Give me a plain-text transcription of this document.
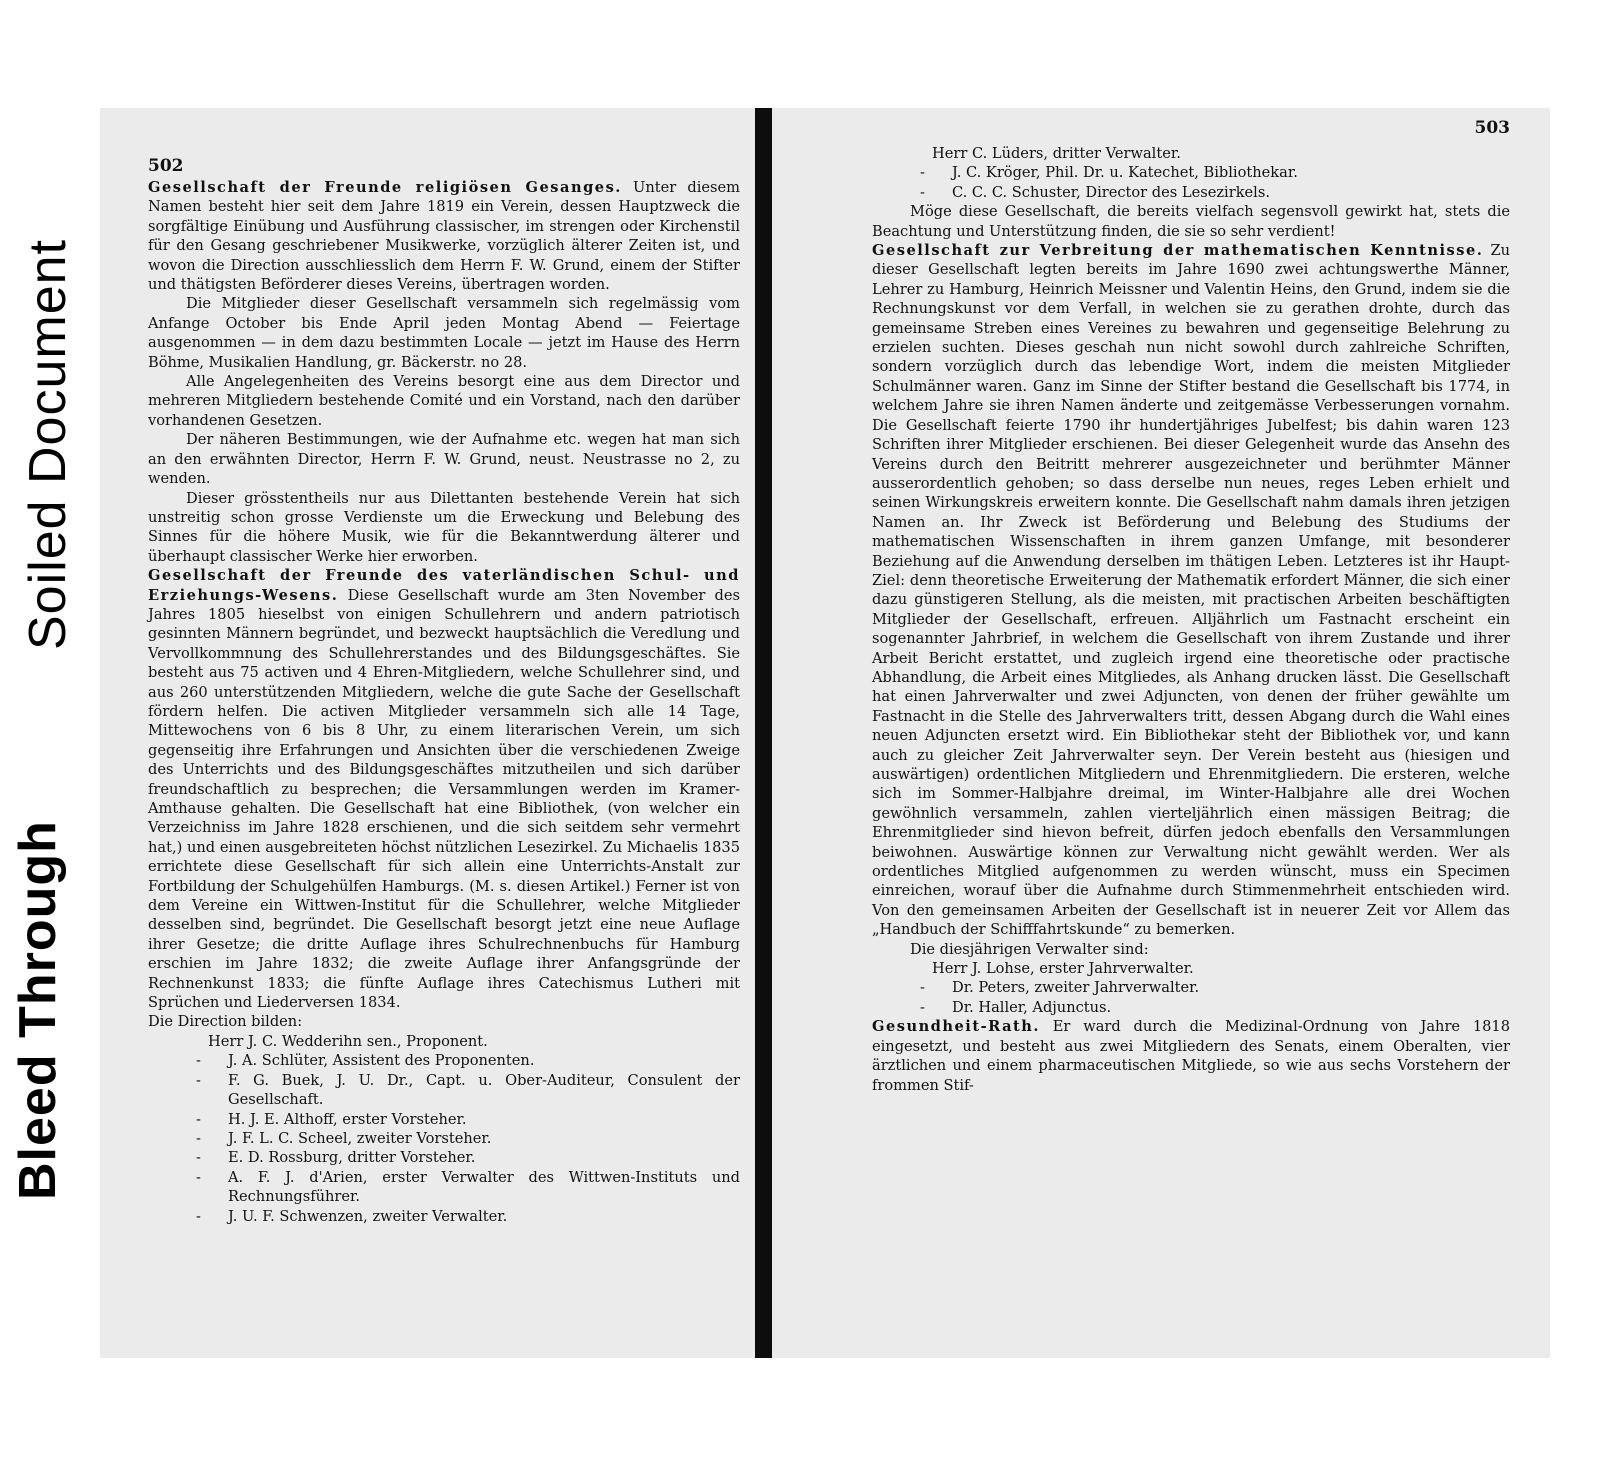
Bleed Through
Soiled Document
502

Gesellschaft der Freunde religiösen Gesanges. Unter diesem Namen besteht hier seit dem Jahre 1819 ein Verein, dessen Hauptzweck die sorgfältige Einübung und Ausführung classischer, im strengen oder Kirchenstil für den Gesang geschriebener Musikwerke, vorzüglich älterer Zeiten ist, und wovon die Direction ausschliesslich dem Herrn F. W. Grund, einem der Stifter und thätigsten Beförderer dieses Vereins, übertragen worden.

Die Mitglieder dieser Gesellschaft versammeln sich regelmässig vom Anfange October bis Ende April jeden Montag Abend — Feiertage ausgenommen — in dem dazu bestimmten Locale — jetzt im Hause des Herrn Böhme, Musikalien Handlung, gr. Bäckerstr. no 28.

Alle Angelegenheiten des Vereins besorgt eine aus dem Director und mehreren Mitgliedern bestehende Comité und ein Vorstand, nach den darüber vorhandenen Gesetzen.

Der näheren Bestimmungen, wie der Aufnahme etc. wegen hat man sich an den erwähnten Director, Herrn F. W. Grund, neust. Neustrasse no 2, zu wenden.

Dieser grösstentheils nur aus Dilettanten bestehende Verein hat sich unstreitig schon grosse Verdienste um die Erweckung und Belebung des Sinnes für die höhere Musik, wie für die Bekanntwerdung älterer und überhaupt classischer Werke hier erworben.

Gesellschaft der Freunde des vaterländischen Schul- und Erziehungs-Wesens. Diese Gesellschaft wurde am 3ten November des Jahres 1805 hieselbst von einigen Schullehrern und andern patriotisch gesinnten Männern begründet, und bezweckt hauptsächlich die Veredlung und Vervollkommnung des Schullehrerstandes und des Bildungsgeschäftes. Sie besteht aus 75 activen und 4 Ehren-Mitgliedern, welche Schullehrer sind, und aus 260 unterstützenden Mitgliedern, welche die gute Sache der Gesellschaft fördern helfen. Die activen Mitglieder versammeln sich alle 14 Tage, Mittewochens von 6 bis 8 Uhr, zu einem literarischen Verein, um sich gegenseitig ihre Erfahrungen und Ansichten über die verschiedenen Zweige des Unterrichts und des Bildungsgeschäftes mitzutheilen und sich darüber freundschaftlich zu besprechen; die Versammlungen werden im Kramer-Amthause gehalten. Die Gesellschaft hat eine Bibliothek, (von welcher ein Verzeichniss im Jahre 1828 erschienen, und die sich seitdem sehr vermehrt hat,) und einen ausgebreiteten höchst nützlichen Lesezirkel. Zu Michaelis 1835 errichtete diese Gesellschaft für sich allein eine Unterrichts-Anstalt zur Fortbildung der Schulgehülfen Hamburgs. (M. s. diesen Artikel.) Ferner ist von dem Vereine ein Wittwen-Institut für die Schullehrer, welche Mitglieder desselben sind, begründet. Die Gesellschaft besorgt jetzt eine neue Auflage ihrer Gesetze; die dritte Auflage ihres Schulrechnenbuchs für Hamburg erschien im Jahre 1832; die zweite Auflage ihrer Anfangsgründe der Rechnenkunst 1833; die fünfte Auflage ihres Catechismus Lutheri mit Sprüchen und Liederversen 1834.

Die Direction bilden:

Herr J. C. Wedderihn sen., Proponent.
- J. A. Schlüter, Assistent des Proponenten.
- F. G. Buek, J. U. Dr., Capt. u. Ober-Auditeur, Consulent der Gesellschaft.
- H. J. E. Althoff, erster Vorsteher.
- J. F. L. C. Scheel, zweiter Vorsteher.
- E. D. Rossburg, dritter Vorsteher.
- A. F. J. d'Arien, erster Verwalter des Wittwen-Instituts und Rechnungsführer.
- J. U. F. Schwenzen, zweiter Verwalter.
503
Herr C. Lüders, dritter Verwalter.
- J. C. Kröger, Phil. Dr. u. Katechet, Bibliothekar.
- C. C. C. Schuster, Director des Lesezirkels.

Möge diese Gesellschaft, die bereits vielfach segensvoll gewirkt hat, stets die Beachtung und Unterstützung finden, die sie so sehr verdient!

Gesellschaft zur Verbreitung der mathematischen Kenntnisse. Zu dieser Gesellschaft legten bereits im Jahre 1690 zwei achtungswerthe Männer, Lehrer zu Hamburg, Heinrich Meissner und Valentin Heins, den Grund, indem sie die Rechnungskunst vor dem Verfall, in welchen sie zu gerathen drohte, durch das gemeinsame Streben eines Vereines zu bewahren und gegenseitige Belehrung zu erzielen suchten. Dieses geschah nun nicht sowohl durch zahlreiche Schriften, sondern vorzüglich durch das lebendige Wort, indem die meisten Mitglieder Schulmänner waren. Ganz im Sinne der Stifter bestand die Gesellschaft bis 1774, in welchem Jahre sie ihren Namen änderte und zeitgemässe Verbesserungen vornahm. Die Gesellschaft feierte 1790 ihr hundertjähriges Jubelfest; bis dahin waren 123 Schriften ihrer Mitglieder erschienen. Bei dieser Gelegenheit wurde das Ansehn des Vereins durch den Beitritt mehrerer ausgezeichneter und berühmter Männer ausserordentlich gehoben; so dass derselbe nun neues, reges Leben erhielt und seinen Wirkungskreis erweitern konnte. Die Gesellschaft nahm damals ihren jetzigen Namen an. Ihr Zweck ist Beförderung und Belebung des Studiums der mathematischen Wissenschaften in ihrem ganzen Umfange, mit besonderer Beziehung auf die Anwendung derselben im thätigen Leben. Letzteres ist ihr Haupt-Ziel: denn theoretische Erweiterung der Mathematik erfordert Männer, die sich einer dazu günstigeren Stellung, als die meisten, mit practischen Arbeiten beschäftigten Mitglieder der Gesellschaft, erfreuen. Alljährlich um Fastnacht erscheint ein sogenannter Jahrbrief, in welchem die Gesellschaft von ihrem Zustande und ihrer Arbeit Bericht erstattet, und zugleich irgend eine theoretische oder practische Abhandlung, die Arbeit eines Mitgliedes, als Anhang drucken lässt. Die Gesellschaft hat einen Jahrverwalter und zwei Adjuncten, von denen der früher gewählte um Fastnacht in die Stelle des Jahrverwalters tritt, dessen Abgang durch die Wahl eines neuen Adjuncten ersetzt wird. Ein Bibliothekar steht der Bibliothek vor, und kann auch zu gleicher Zeit Jahrverwalter seyn. Der Verein besteht aus (hiesigen und auswärtigen) ordentlichen Mitgliedern und Ehrenmitgliedern. Die ersteren, welche sich im Sommer-Halbjahre dreimal, im Winter-Halbjahre alle drei Wochen gewöhnlich versammeln, zahlen vierteljährlich einen mässigen Beitrag; die Ehrenmitglieder sind hievon befreit, dürfen jedoch ebenfalls den Versammlungen beiwohnen. Auswärtige können zur Verwaltung nicht gewählt werden. Wer als ordentliches Mitglied aufgenommen zu werden wünscht, muss ein Specimen einreichen, worauf über die Aufnahme durch Stimmenmehrheit entschieden wird. Von den gemeinsamen Arbeiten der Gesellschaft ist in neuerer Zeit vor Allem das „Handbuch der Schifffahrtskunde“ zu bemerken.

Die diesjährigen Verwalter sind:

Herr J. Lohse, erster Jahrverwalter.
- Dr. Peters, zweiter Jahrverwalter.
- Dr. Haller, Adjunctus.

Gesundheit-Rath. Er ward durch die Medizinal-Ordnung von Jahre 1818 eingesetzt, und besteht aus zwei Mitgliedern des Senats, einem Oberalten, vier ärztlichen und einem pharmaceutischen Mitgliede, so wie aus sechs Vorstehern der frommen Stif-
